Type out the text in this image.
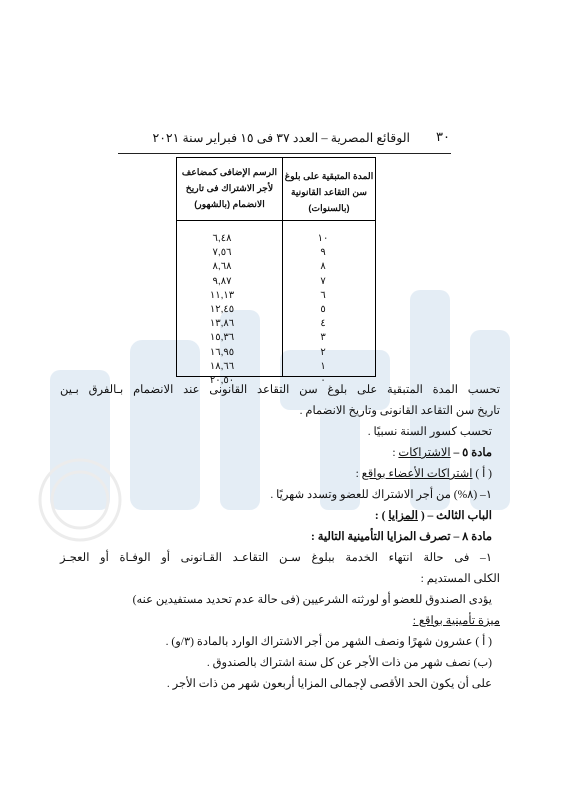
٣٠
الوقائع المصرية – العدد ٣٧ فى ١٥ فبراير سنة ٢٠٢١
المدة المتبقية على بلوغ سن التقاعد القانونية (بالسنوات)
الرسم الإضافى كمضاعف لأجر الاشتراك فى تاريخ الانضمام (بالشهور)
١٠
٦,٤٨
٩
٧,٥٦
٨
٨,٦٨
٧
٩,٨٧
٦
١١,١٣
٥
١٢,٤٥
٤
١٣,٨٦
٣
١٥,٣٦
٢
١٦,٩٥
١
١٨,٦٦
٠
٢٠,٥٠
تحسب المدة المتبقية على بلوغ سن التقاعد القانونى عند الانضمام بـالفرق بـين
تاريخ سن التقاعد القانونى وتاريخ الانضمام .
تحسب كسور السنة نسبيًا .
مادة ٥ – الاشتراكات :
( أ ) اشتراكات الأعضاء بواقع :
١– (٨%) من أجر الاشتراك للعضو وتسدد شهريًا .
الباب الثالث – ( المزايا ) :
مادة ٨ – تصرف المزايا التأمينية التالية :
١– فى حالة انتهاء الخدمة ببلوغ سـن التقاعـد القـانونى أو الوفـاة أو العجـز
الكلى المستديم :
يؤدى الصندوق للعضو أو لورثته الشرعيين (فى حالة عدم تحديد مستفيدين عنه)
ميزة تأمينية بواقع :
( أ ) عشرون شهرًا ونصف الشهر من أجر الاشتراك الوارد بالمادة (٣/و) .
(ب) نصف شهر من ذات الأجر عن كل سنة اشتراك بالصندوق .
على أن يكون الحد الأقصى لإجمالى المزايا أربعون شهر من ذات الأجر .
